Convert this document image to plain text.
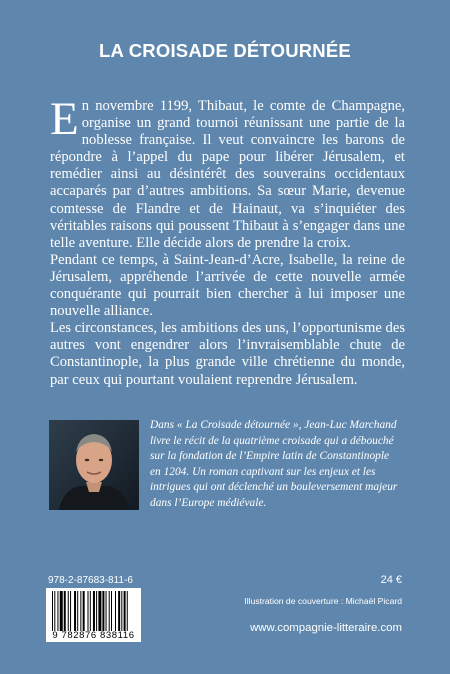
LA CROISADE DÉTOURNÉE

En novembre 1199, Thibaut, le comte de Champagne, organise un grand tournoi réunissant une partie de la noblesse française. Il veut convaincre les barons de répondre à l’appel du pape pour libérer Jérusalem, et remédier ainsi au désintérêt des souverains occidentaux accaparés par d’autres ambitions. Sa sœur Marie, devenue comtesse de Flandre et de Hainaut, va s’inquiéter des véritables raisons qui poussent Thibaut à s’engager dans une telle aventure. Elle décide alors de prendre la croix.

Pendant ce temps, à Saint-Jean-d’Acre, Isabelle, la reine de Jérusalem, appréhende l’arrivée de cette nouvelle armée conquérante qui pourrait bien chercher à lui imposer une nouvelle alliance.

Les circonstances, les ambitions des uns, l’opportunisme des autres vont engendrer alors l’invraisemblable chute de Constantinople, la plus grande ville chrétienne du monde, par ceux qui pourtant voulaient reprendre Jérusalem.

Dans « La Croisade détournée », Jean-Luc Marchand livre le récit de la quatrième croisade qui a débouché sur la fondation de l’Empire latin de Constantinople en 1204. Un roman captivant sur les enjeux et les intrigues qui ont déclenché un bouleversement majeur dans l’Europe médiévale.
978-2-87683-811-6
9 782876 838116
24 €
Illustration de couverture : Michaël Picard
www.compagnie-litteraire.com
